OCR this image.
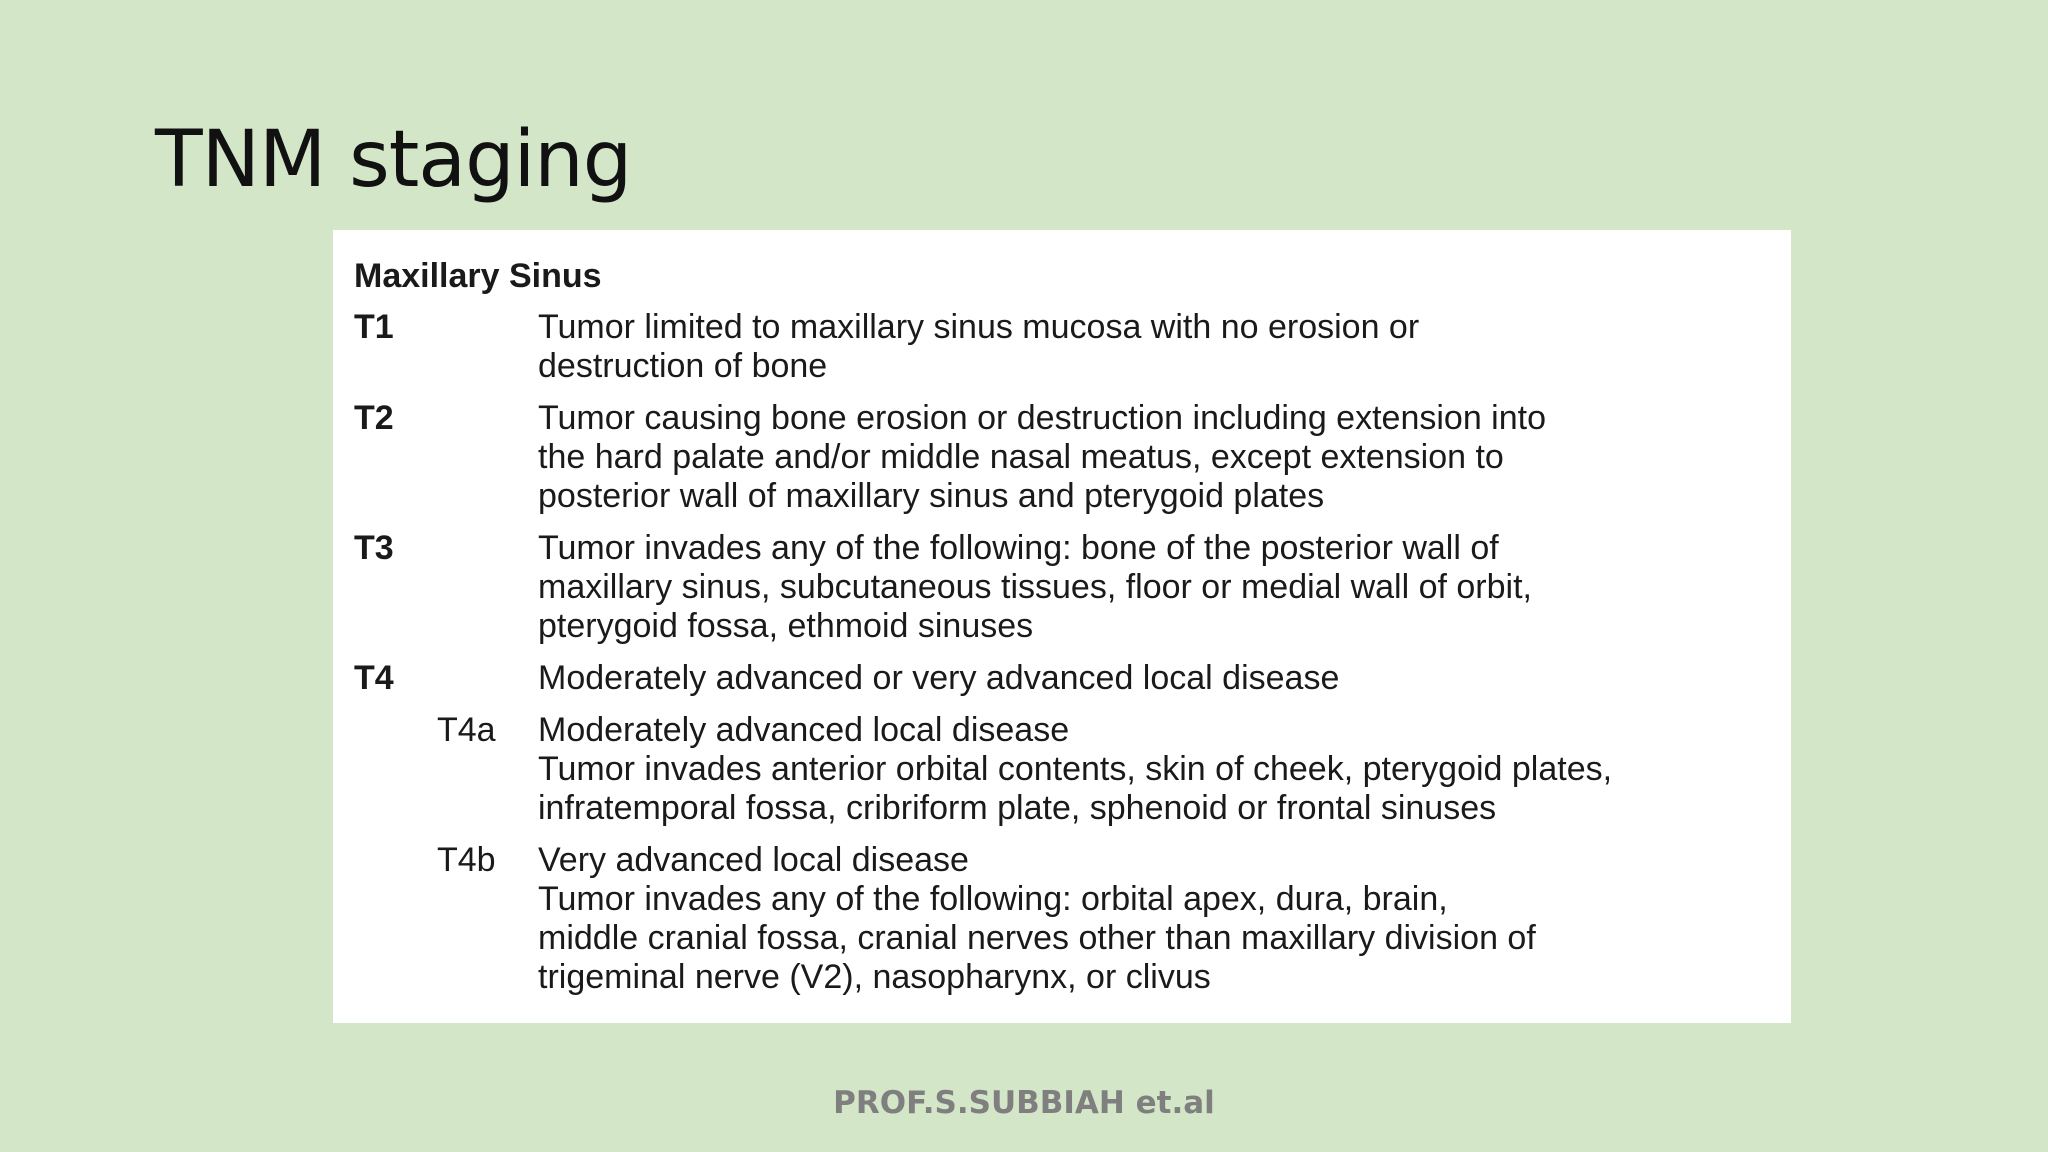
TNM staging
Maxillary Sinus
T1	Tumor limited to maxillary sinus mucosa with no erosion or
destruction of bone
T2	Tumor causing bone erosion or destruction including extension into
the hard palate and/or middle nasal meatus, except extension to
posterior wall of maxillary sinus and pterygoid plates
T3	Tumor invades any of the following: bone of the posterior wall of
maxillary sinus, subcutaneous tissues, floor or medial wall of orbit,
pterygoid fossa, ethmoid sinuses
T4	Moderately advanced or very advanced local disease
T4a	Moderately advanced local disease
Tumor invades anterior orbital contents, skin of cheek, pterygoid plates,
infratemporal fossa, cribriform plate, sphenoid or frontal sinuses
T4b	Very advanced local disease
Tumor invades any of the following: orbital apex, dura, brain,
middle cranial fossa, cranial nerves other than maxillary division of
trigeminal nerve (V2), nasopharynx, or clivus
PROF.S.SUBBIAH et.al
